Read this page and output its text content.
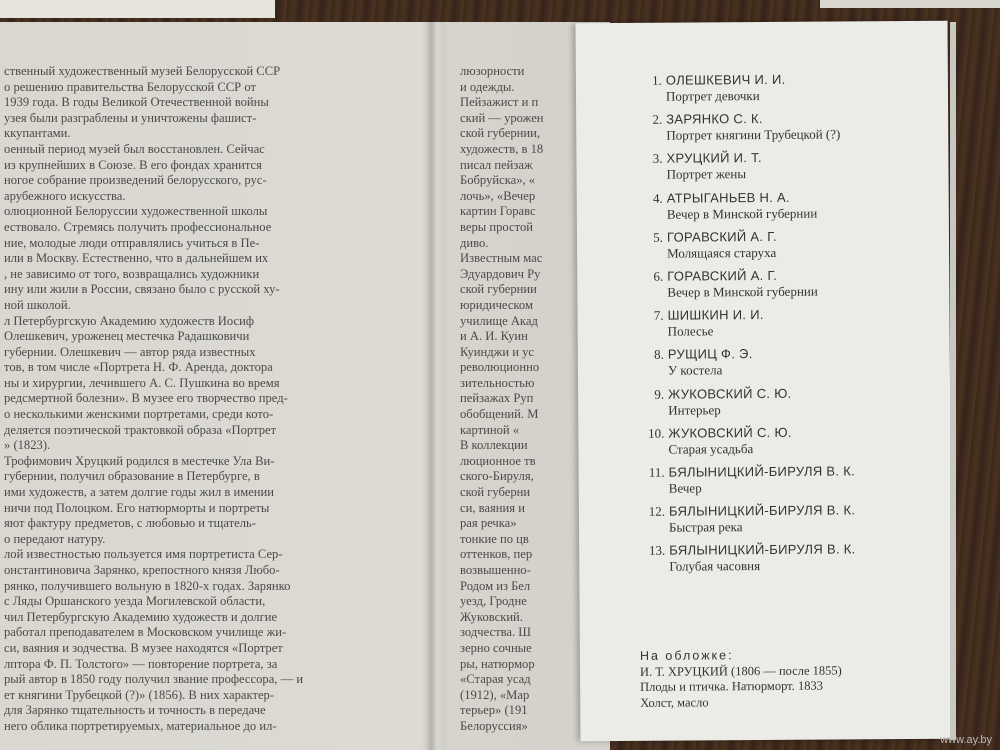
ственный художественный музей Белорусской ССР
о решению правительства Белорусской ССР от
1939 года. В годы Великой Отечественной войны
узея были разграблены и уничтожены фашист-
ккупантами.
оенный период музей был восстановлен. Сейчас
из крупнейших в Союзе. В его фондах хранится
ногое собрание произведений белорусского, рус-
арубежного искусства.
олюционной Белоруссии художественной школы
ествовало. Стремясь получить профессиональное
ние, молодые люди отправлялись учиться в Пе-
или в Москву. Естественно, что в дальнейшем их
, не зависимо от того, возвращались художники
ину или жили в России, связано было с русской ху-
ной школой.
л Петербургскую Академию художеств Иосиф
Олешкевич, уроженец местечка Радашковичи
губернии. Олешкевич — автор ряда известных
тов, в том числе «Портрета Н. Ф. Арендa, доктора
ны и хирургии, лечившего А. С. Пушкина во время
редсмертной болезни». В музее его творчество пред-
о несколькими женскими портретами, среди кото-
деляется поэтической трактовкой образа «Портрет
» (1823).
Трофимович Хруцкий родился в местечке Ула Ви-
губернии, получил образование в Петербурге, в
ими художеств, а затем долгие годы жил в имении
ничи под Полоцком. Его натюрморты и портреты
яют фактуру предметов, с любовью и тщатель-
о передают натуру.
лой известностью пользуется имя портретиста Сер-
онстантиновича Зарянко, крепостного князя Любо-
рянко, получившего вольную в 1820-х годах. Зарянко
с Ляды Оршанского уезда Могилевской области,
чил Петербургскую Академию художеств и долгие
работал преподавателем в Московском училище жи-
си, ваяния и зодчества. В музее находятся «Портрет
лптора Ф. П. Толстого» — повторение портрета, за
рый автор в 1850 году получил звание профессора, — и
ет княгини Трубецкой (?)» (1856). В них характер-
для Зарянко тщательность и точность в передаче
него облика портретируемых, материальное до ил-
люзорности
и одежды.
Пейзажист и п
ский — урожен
ской губернии,
художеств, в 18
писал пейзаж
Бобруйска», «
лочь», «Вечер
картин Горавс
веры простой
диво.
Известным мас
Эдуардович Ру
ской губернии
юридическом
училище Акад
и А. И. Куин
Куинджи и ус
революционно
зительностью
пейзажах Руп
обобщений. М
картиной «
В коллекции
люционное тв
ского-Бируля,
ской губерни
си, ваяния и
рая речка»
тонкие по цв
оттенков, пер
возвышенно-
Родом из Бел
уезд, Гродне
Жуковский.
зодчества. Ш
зерно сочные
ры, натюрмор
«Старая усад
(1912), «Мар
терьер» (191
Белоруссия»
На обложке:
И. Т. ХРУЦКИЙ (1806 — после 1855)
Плоды и птичка. Натюрморт. 1833
Холст, масло
1. ОЛЕШКЕВИЧ И. И.
Портрет девочки
2. ЗАРЯНКО С. К.
Портрет княгини Трубецкой (?)
3. ХРУЦКИЙ И. Т.
Портрет жены
4. АТРЫГАНЬЕВ Н. А.
Вечер в Минской губернии
5. ГОРАВСКИЙ А. Г.
Молящаяся старуха
6. ГОРАВСКИЙ А. Г.
Вечер в Минской губернии
7. ШИШКИН И. И.
Полесье
8. РУЩИЦ Ф. Э.
У костела
9. ЖУКОВСКИЙ С. Ю.
Интерьер
10. ЖУКОВСКИЙ С. Ю.
Старая усадьба
11. БЯЛЫНИЦКИЙ-БИРУЛЯ В. К.
Вечер
12. БЯЛЫНИЦКИЙ-БИРУЛЯ В. К.
Быстрая река
13. БЯЛЫНИЦКИЙ-БИРУЛЯ В. К.
Голубая часовня
www.ay.by
